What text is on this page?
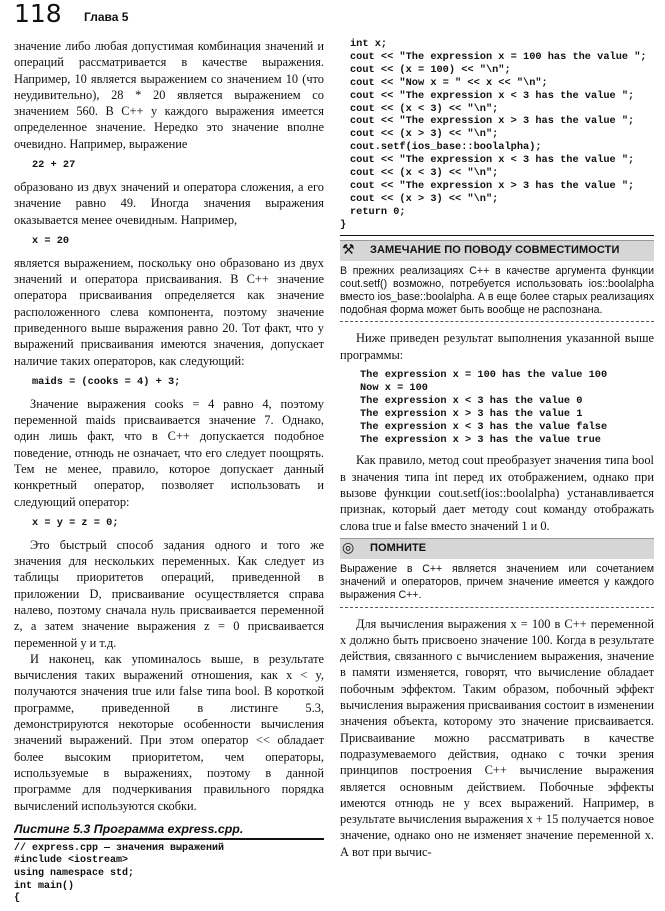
118 Глава 5

значение либо любая допустимая комбинация значений и операций рассматривается в качестве выражения. Например, 10 является выражением со значением 10 (что неудивительно), 28 * 20 является выражением со значением 560. В С++ у каждого выражения имеется определенное значение. Нередко это значение вполне очевидно. Например, выражение

22 + 27

образовано из двух значений и оператора сложения, а его значение равно 49. Иногда значения выражения оказывается менее очевидным. Например,

x = 20

является выражением, поскольку оно образовано из двух значений и оператора присваивания. В С++ значение оператора присваивания определяется как значение расположенного слева компонента, поэтому значение приведенного выше выражения равно 20. Тот факт, что у выражений присваивания имеются значения, допускает наличие таких операторов, как следующий:

maids = (cooks = 4) + 3;

Значение выражения cooks = 4 равно 4, поэтому переменной maids присваивается значение 7. Однако, один лишь факт, что в С++ допускается подобное поведение, отнюдь не означает, что его следует поощрять. Тем не менее, правило, которое допускает данный конкретный оператор, позволяет использовать и следующий оператор:

x = y = z = 0;

Это быстрый способ задания одного и того же значения для нескольких переменных. Как следует из таблицы приоритетов операций, приведенной в приложении D, присваивание осуществляется справа налево, поэтому сначала нуль присваивается переменной z, а затем значение выражения z = 0 присваивается переменной y и т.д.

И наконец, как упоминалось выше, в результате вычисления таких выражений отношения, как x < y, получаются значения true или false типа bool. В короткой программе, приведенной в листинге 5.3, демонстрируются некоторые особенности вычисления значений выражений. При этом оператор << обладает более высоким приоритетом, чем операторы, используемые в выражениях, поэтому в данной программе для подчеркивания правильного порядка вычислений используются скобки.

Листинг 5.3 Программа express.cpp.
// express.cpp — значения выражений
#include <iostream>
using namespace std;
int main()
{
int x;
cout << "The expression x = 100 has the value ";
cout << (x = 100) << "\n";
cout << "Now x = " << x << "\n";
cout << "The expression x < 3 has the value ";
cout << (x < 3) << "\n";
cout << "The expression x > 3 has the value ";
cout << (x > 3) << "\n";
cout.setf(ios_base::boolalpha);
cout << "The expression x < 3 has the value ";
cout << (x < 3) << "\n";
cout << "The expression x > 3 has the value ";
cout << (x > 3) << "\n";
return 0;
}
⚒ ЗАМЕЧАНИЕ ПО ПОВОДУ СОВМЕСТИМОСТИ

В прежних реализациях С++ в качестве аргумента функции cout.setf() возможно, потребуется использовать ios::boolalpha вместо ios_base::boolalpha. А в еще более старых реализациях подобная форма может быть вообще не распознана.

Ниже приведен результат выполнения указанной выше программы:

The expression x = 100 has the value 100
Now x = 100
The expression x < 3 has the value 0
The expression x > 3 has the value 1
The expression x < 3 has the value false
The expression x > 3 has the value true

Как правило, метод cout преобразует значения типа bool в значения типа int перед их отображением, однако при вызове функции cout.setf(ios::boolalpha) устанавливается признак, который дает методу cout команду отображать слова true и false вместо значений 1 и 0.

◎ ПОМНИТЕ

Выражение в С++ является значением или сочетанием значений и операторов, причем значение имеется у каждого выражения С++.

Для вычисления выражения x = 100 в С++ переменной x должно быть присвоено значение 100. Когда в результате действия, связанного с вычислением выражения, значение в памяти изменяется, говорят, что вычисление обладает побочным эффектом. Таким образом, побочный эффект вычисления выражения присваивания состоит в изменении значения объекта, которому это значение присваивается. Присваивание можно рассматривать в качестве подразумеваемого действия, однако с точки зрения принципов построения С++ вычисление выражения является основным действием. Побочные эффекты имеются отнюдь не у всех выражений. Например, в результате вычисления выражения x + 15 получается новое значение, однако оно не изменяет значение переменной x. А вот при вычис-
